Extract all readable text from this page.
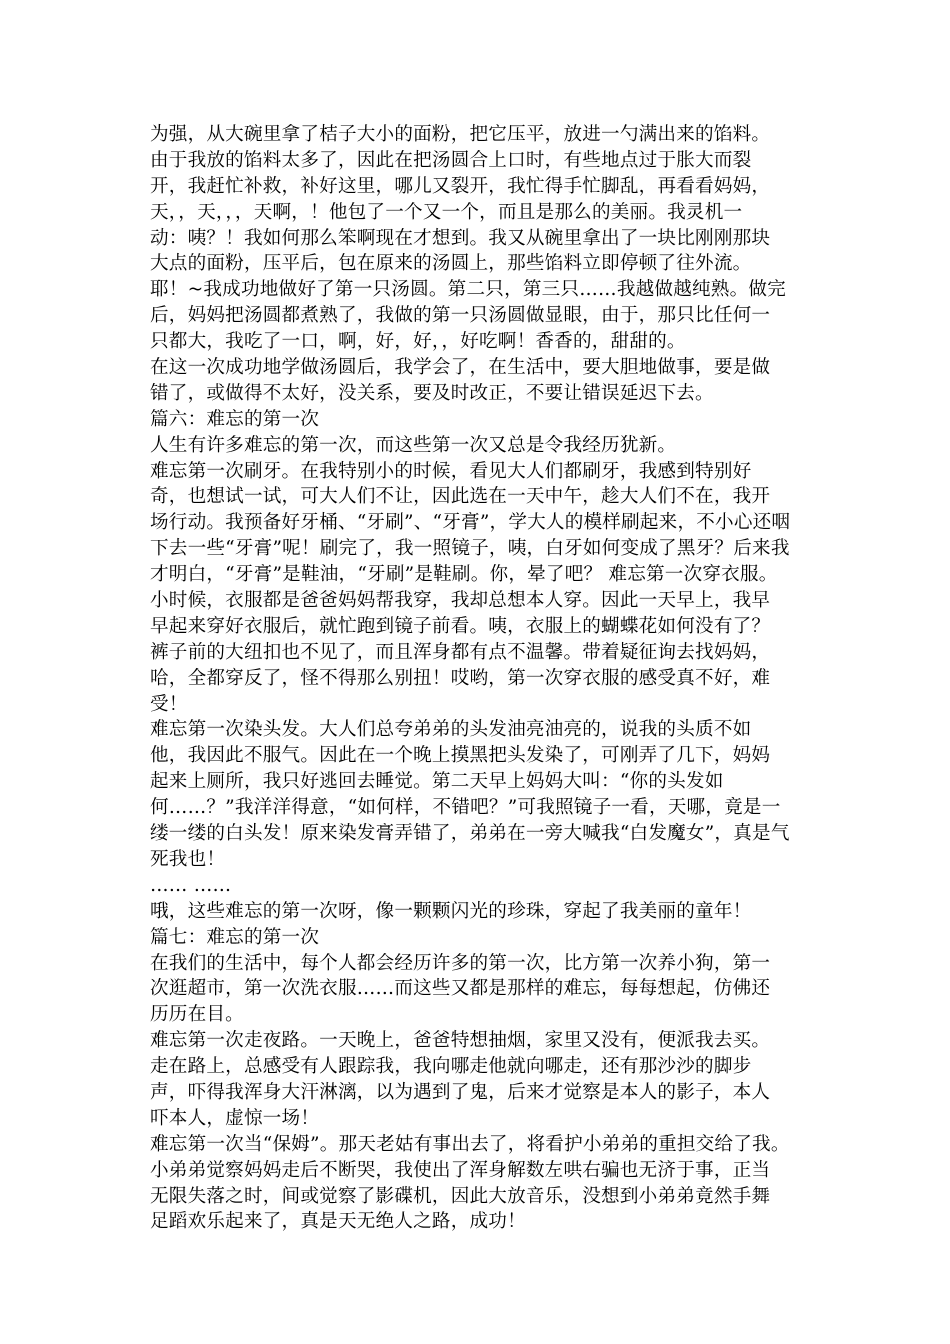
为强，从大碗里拿了桔子大小的面粉，把它压平，放进一勺满出来的馅料。
由于我放的馅料太多了，因此在把汤圆合上口时，有些地点过于胀大而裂
开，我赶忙补救，补好这里，哪儿又裂开，我忙得手忙脚乱，再看看妈妈，
天，，天，，，天啊，！他包了一个又一个，而且是那么的美丽。我灵机一
动：咦？！我如何那么笨啊现在才想到。我又从碗里拿出了一块比刚刚那块
大点的面粉，压平后，包在原来的汤圆上，那些馅料立即停顿了往外流。
耶！~我成功地做好了第一只汤圆。第二只，第三只……我越做越纯熟。做完
后，妈妈把汤圆都煮熟了，我做的第一只汤圆做显眼，由于，那只比任何一
只都大，我吃了一口，啊，好，好，，好吃啊！香香的，甜甜的。
在这一次成功地学做汤圆后，我学会了，在生活中，要大胆地做事，要是做
错了，或做得不太好，没关系，要及时改正，不要让错误延迟下去。
篇六：难忘的第一次
人生有许多难忘的第一次，而这些第一次又总是令我经历犹新。
难忘第一次刷牙。在我特别小的时候，看见大人们都刷牙，我感到特别好
奇，也想试一试，可大人们不让，因此选在一天中午，趁大人们不在，我开
场行动。我预备好牙桶、“牙刷”、“牙膏”，学大人的模样刷起来，不小心还咽
下去一些“牙膏”呢！刷完了，我一照镜子，咦，白牙如何变成了黑牙？后来我
才明白，“牙膏”是鞋油，“牙刷”是鞋刷。你，晕了吧？ 难忘第一次穿衣服。
小时候，衣服都是爸爸妈妈帮我穿，我却总想本人穿。因此一天早上，我早
早起来穿好衣服后，就忙跑到镜子前看。咦，衣服上的蝴蝶花如何没有了？
裤子前的大纽扣也不见了，而且浑身都有点不温馨。带着疑征询去找妈妈，
哈，全都穿反了，怪不得那么别扭！哎哟，第一次穿衣服的感受真不好，难
受！
难忘第一次染头发。大人们总夸弟弟的头发油亮油亮的，说我的头质不如
他，我因此不服气。因此在一个晚上摸黑把头发染了，可刚弄了几下，妈妈
起来上厕所，我只好逃回去睡觉。第二天早上妈妈大叫：“你的头发如
何……？”我洋洋得意，“如何样，不错吧？”可我照镜子一看，天哪，竟是一
缕一缕的白头发！原来染发膏弄错了，弟弟在一旁大喊我“白发魔女”，真是气
死我也！
…… ……
哦，这些难忘的第一次呀，像一颗颗闪光的珍珠，穿起了我美丽的童年！
篇七：难忘的第一次
在我们的生活中，每个人都会经历许多的第一次，比方第一次养小狗，第一
次逛超市，第一次洗衣服……而这些又都是那样的难忘，每每想起，仿佛还
历历在目。
难忘第一次走夜路。一天晚上，爸爸特想抽烟，家里又没有，便派我去买。
走在路上，总感受有人跟踪我，我向哪走他就向哪走，还有那沙沙的脚步
声，吓得我浑身大汗淋漓，以为遇到了鬼，后来才觉察是本人的影子，本人
吓本人，虚惊一场！
难忘第一次当“保姆”。那天老姑有事出去了，将看护小弟弟的重担交给了我。
小弟弟觉察妈妈走后不断哭，我使出了浑身解数左哄右骗也无济于事，正当
无限失落之时，间或觉察了影碟机，因此大放音乐，没想到小弟弟竟然手舞
足蹈欢乐起来了，真是天无绝人之路，成功！
